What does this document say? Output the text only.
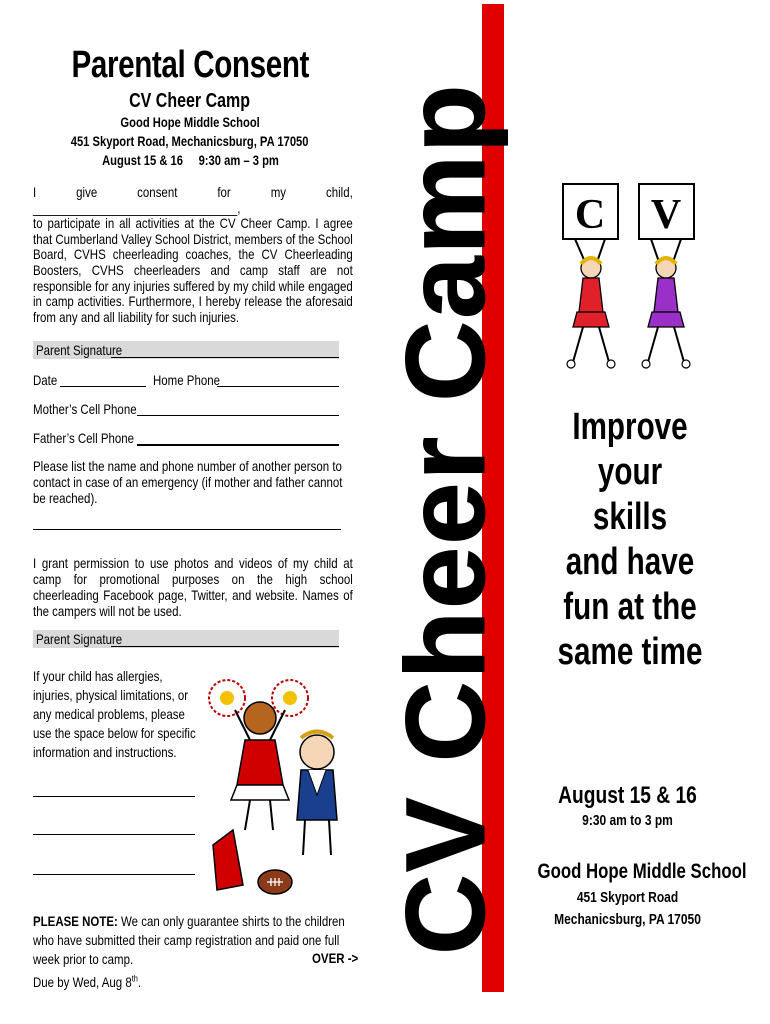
Parental Consent
CV Cheer Camp
Good Hope Middle School
451 Skyport Road, Mechanicsburg, PA 17050
August 15 & 16     9:30 am – 3 pm
I give consent for my child, ________________________________,
to participate in all activities at the CV Cheer Camp. I agree that Cumberland Valley School District, members of the School Board, CVHS cheerleading coaches, the CV Cheerleading Boosters, CVHS cheerleaders and camp staff are not responsible for any injuries suffered by my child while engaged in camp activities. Furthermore, I hereby release the aforesaid from any and all liability for such injuries.
Parent Signature
Date	Home Phone
Mother’s Cell Phone
Father’s Cell Phone
Please list the name and phone number of another person to contact in case of an emergency (if mother and father cannot be reached).
I grant permission to use photos and videos of my child at camp for promotional purposes on the high school cheerleading Facebook page, Twitter, and website. Names of the campers will not be used.
Parent Signature
If your child has allergies, injuries, physical limitations, or any medical problems, please use the space below for specific information and instructions.
PLEASE NOTE: We can only guarantee shirts to the children who have submitted their camp registration and paid one full week prior to camp.
Due by Wed, Aug 8th.
OVER ->
CV Cheer Camp C V
Improve
your
skills
and have
fun at the
same time
August 15 & 16
9:30 am to 3 pm
Good Hope Middle School
451 Skyport Road
Mechanicsburg, PA 17050
